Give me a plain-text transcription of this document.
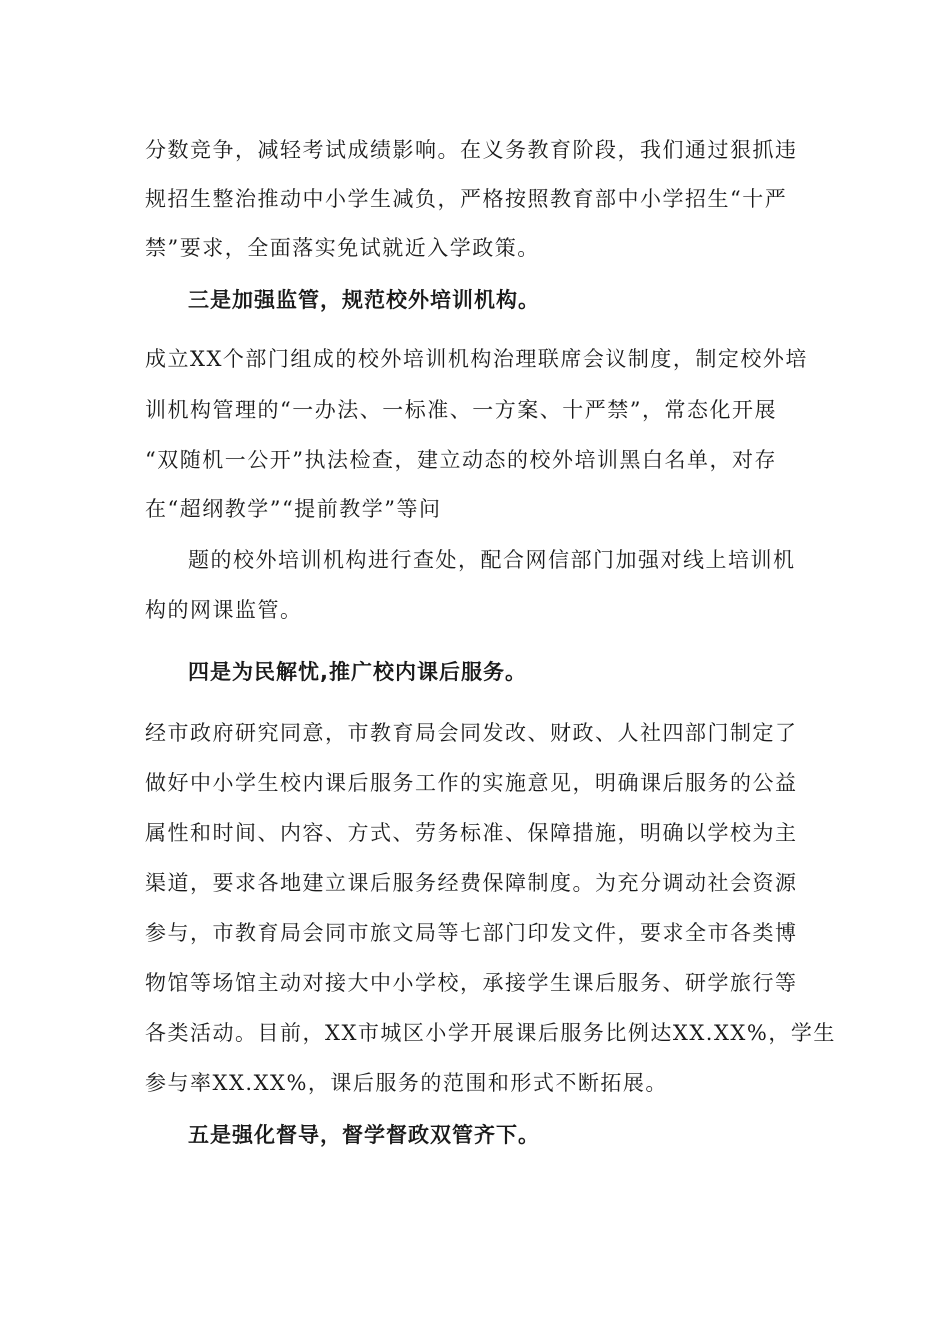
分数竞争，减轻考试成绩影响。在义务教育阶段，我们通过狠抓违
规招生整治推动中小学生减负，严格按照教育部中小学招生“十严
禁”要求，全面落实免试就近入学政策。
三是加强监管，规范校外培训机构。
成立XX个部门组成的校外培训机构治理联席会议制度，制定校外培
训机构管理的“一办法、一标准、一方案、十严禁”，常态化开展
“双随机一公开”执法检查，建立动态的校外培训黑白名单，对存
在“超纲教学”“提前教学”等问
题的校外培训机构进行查处，配合网信部门加强对线上培训机
构的网课监管。
四是为民解忧,推广校内课后服务。
经市政府研究同意，市教育局会同发改、财政、人社四部门制定了
做好中小学生校内课后服务工作的实施意见，明确课后服务的公益
属性和时间、内容、方式、劳务标准、保障措施，明确以学校为主
渠道，要求各地建立课后服务经费保障制度。为充分调动社会资源
参与，市教育局会同市旅文局等七部门印发文件，要求全市各类博
物馆等场馆主动对接大中小学校，承接学生课后服务、研学旅行等
各类活动。目前，XX市城区小学开展课后服务比例达XX.XX%，学生
参与率XX.XX%，课后服务的范围和形式不断拓展。
五是强化督导，督学督政双管齐下。
